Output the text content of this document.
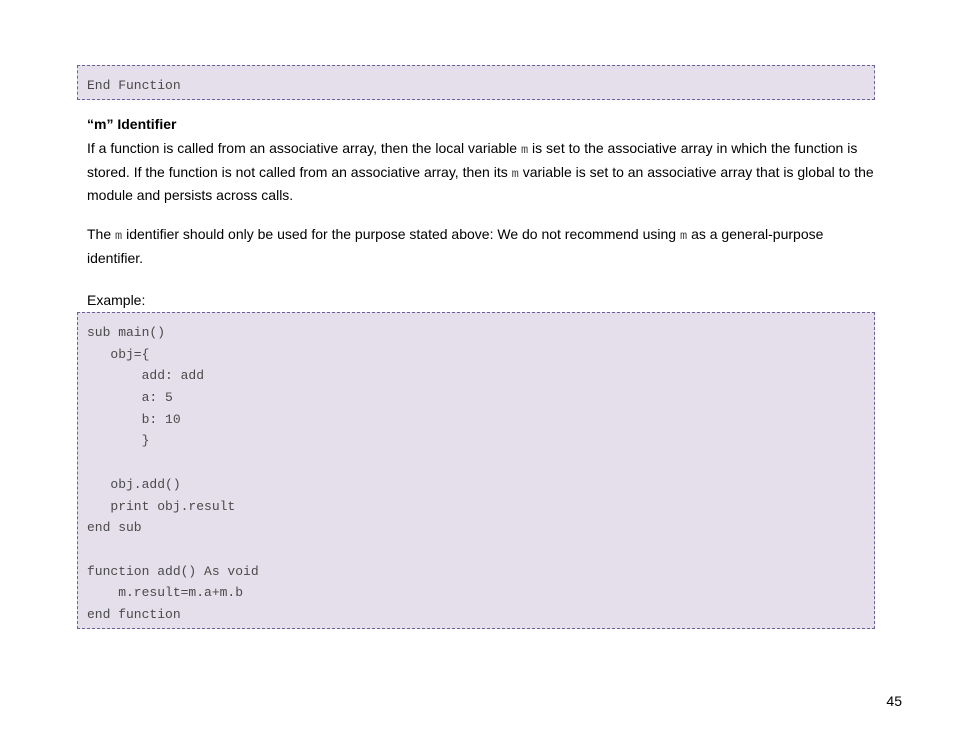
End Function
“m” Identifier
If a function is called from an associative array, then the local variable m is set to the associative array in which the function is stored. If the function is not called from an associative array, then its m variable is set to an associative array that is global to the module and persists across calls.
The m identifier should only be used for the purpose stated above: We do not recommend using m as a general-purpose identifier.
Example:
sub main()
obj={
add: add
a: 5
b: 10
}
obj.add()
print obj.result
end sub
function add() As void
m.result=m.a+m.b
end function
45
